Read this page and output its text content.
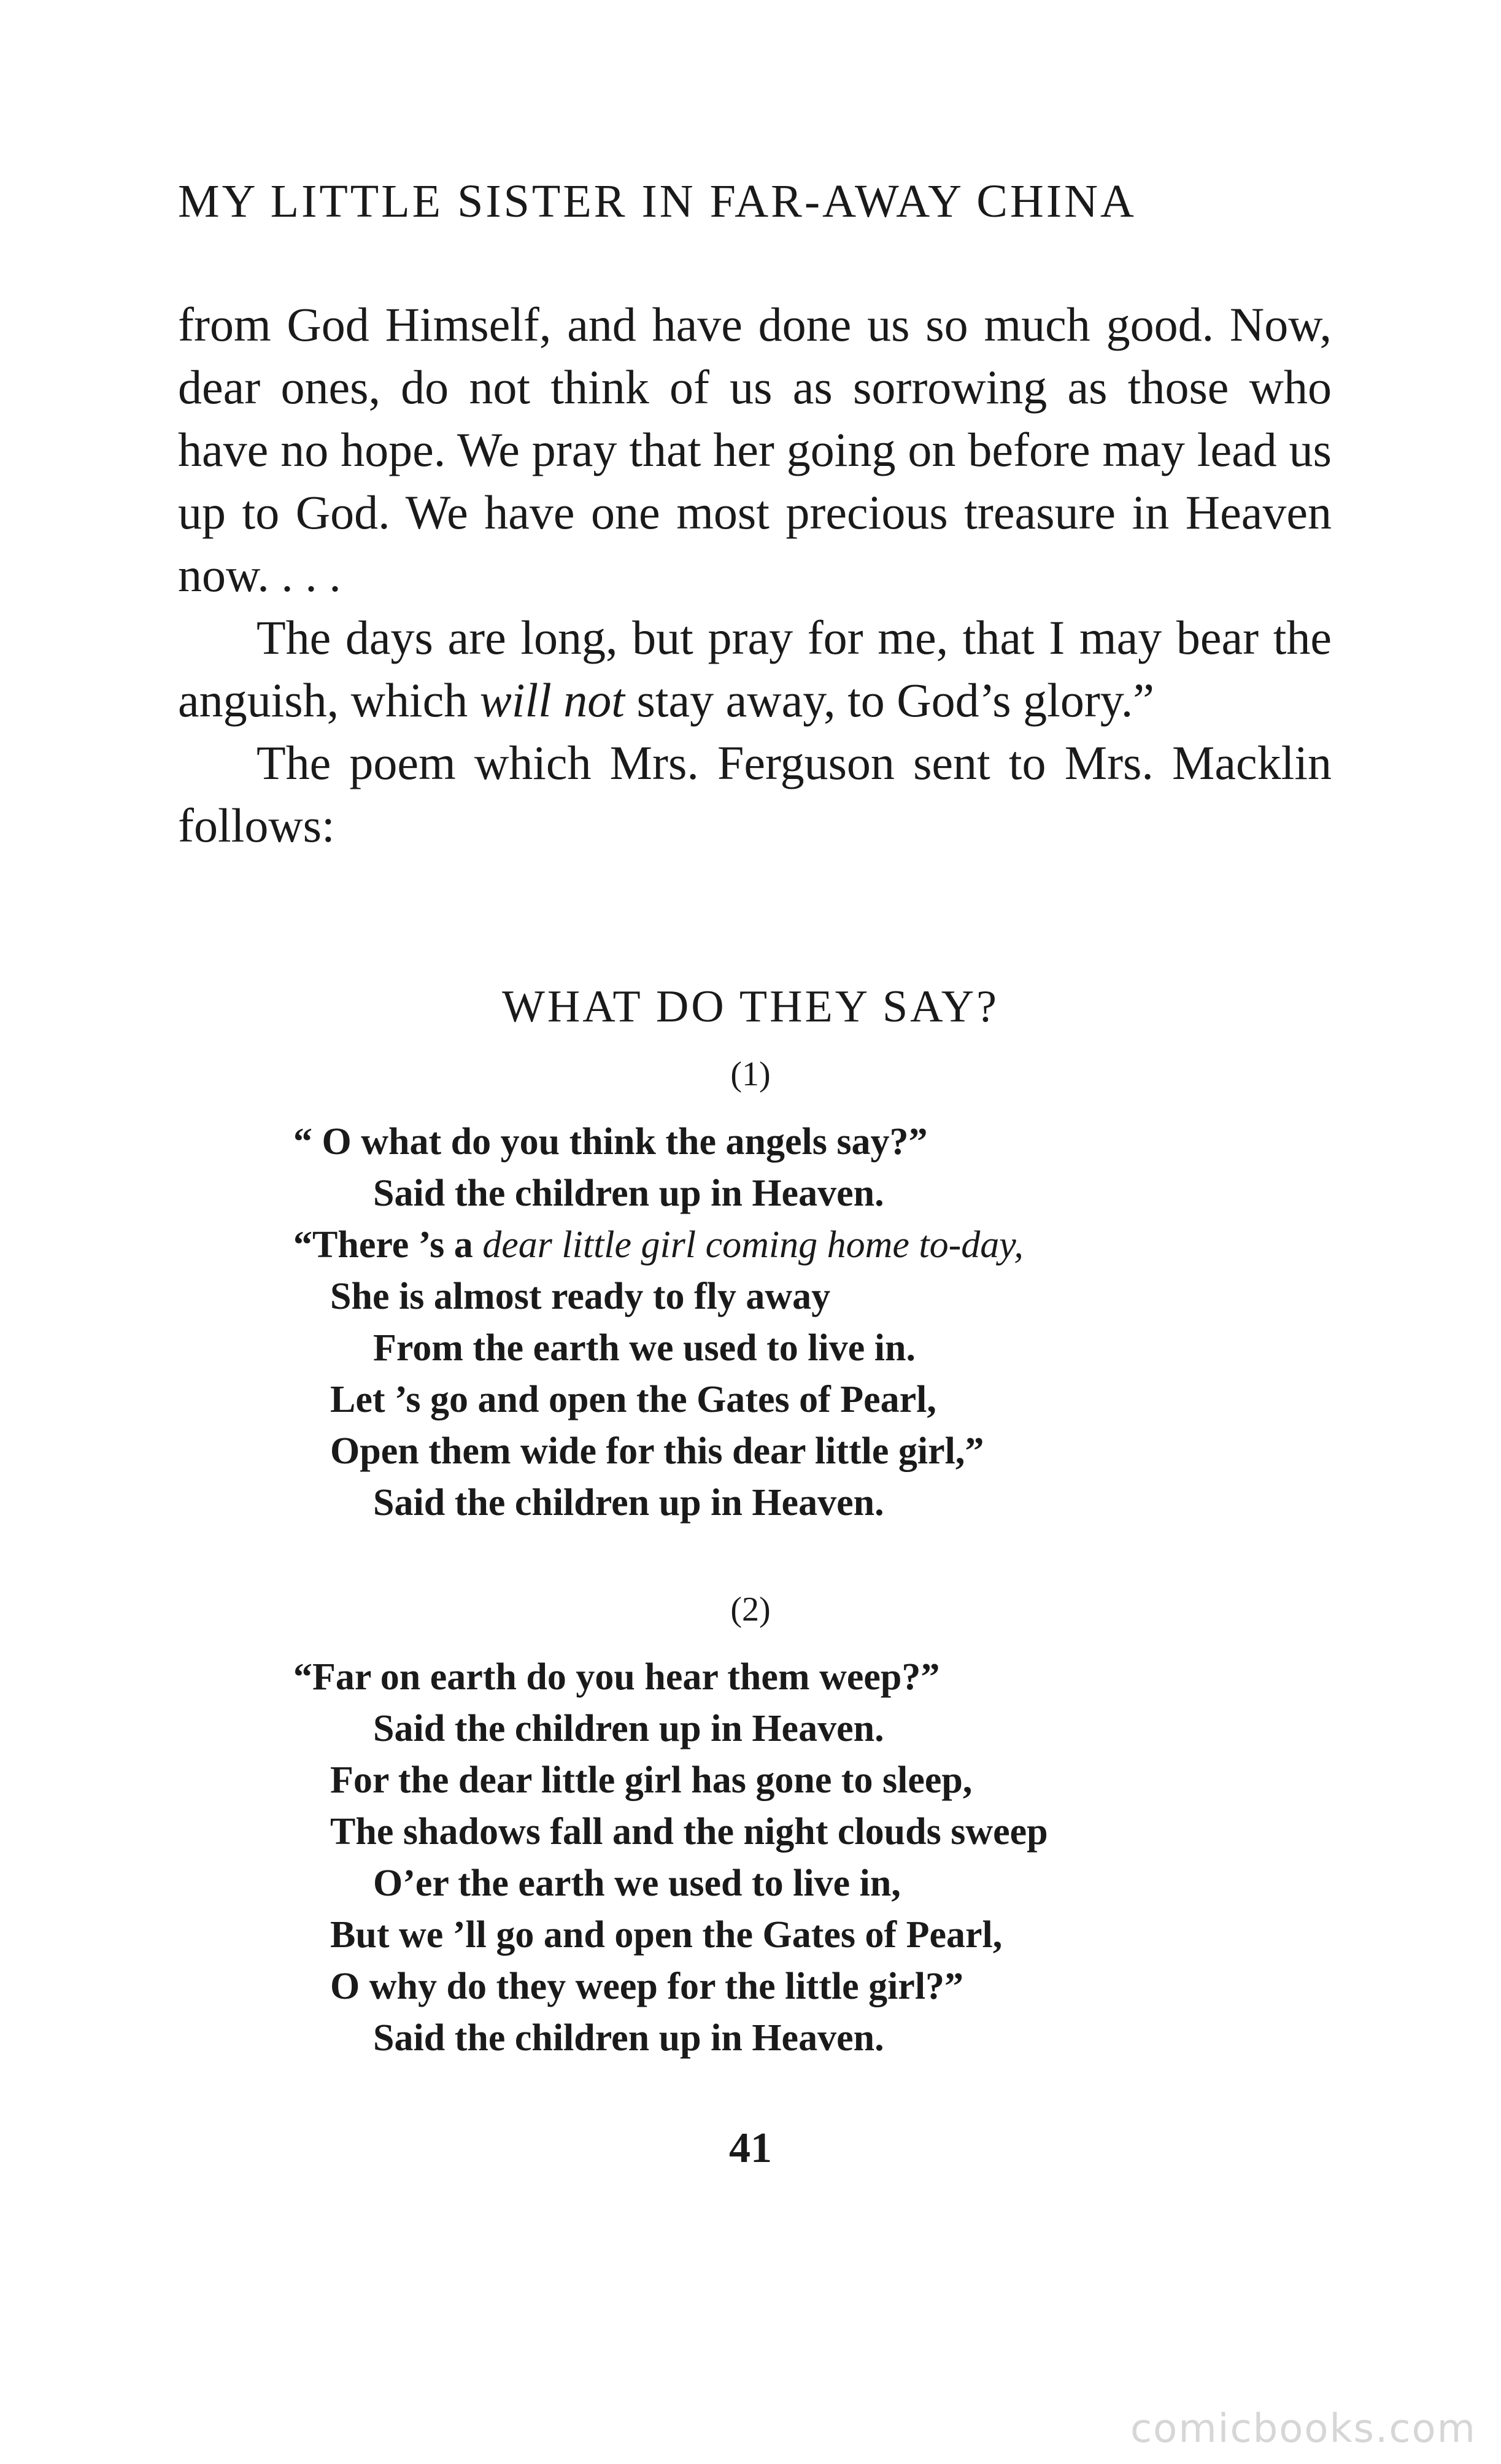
MY LITTLE SISTER IN FAR-AWAY CHINA

from God Himself, and have done us so much good. Now, dear ones, do not think of us as sorrowing as those who have no hope. We pray that her going on before may lead us up to God. We have one most precious treasure in Heaven now. . . .

The days are long, but pray for me, that I may bear the anguish, which will not stay away, to God’s glory.”

The poem which Mrs. Ferguson sent to Mrs. Macklin follows:

WHAT DO THEY SAY?
(1)
“ O what do you think the angels say?”
Said the children up in Heaven.
“There ’s a dear little girl coming home to-day,
She is almost ready to fly away
From the earth we used to live in.
Let ’s go and open the Gates of Pearl,
Open them wide for this dear little girl,”
Said the children up in Heaven.
(2)
“Far on earth do you hear them weep?”
Said the children up in Heaven.
For the dear little girl has gone to sleep,
The shadows fall and the night clouds sweep
O’er the earth we used to live in,
But we ’ll go and open the Gates of Pearl,
O why do they weep for the little girl?”
Said the children up in Heaven.
41
comicbooks.com
